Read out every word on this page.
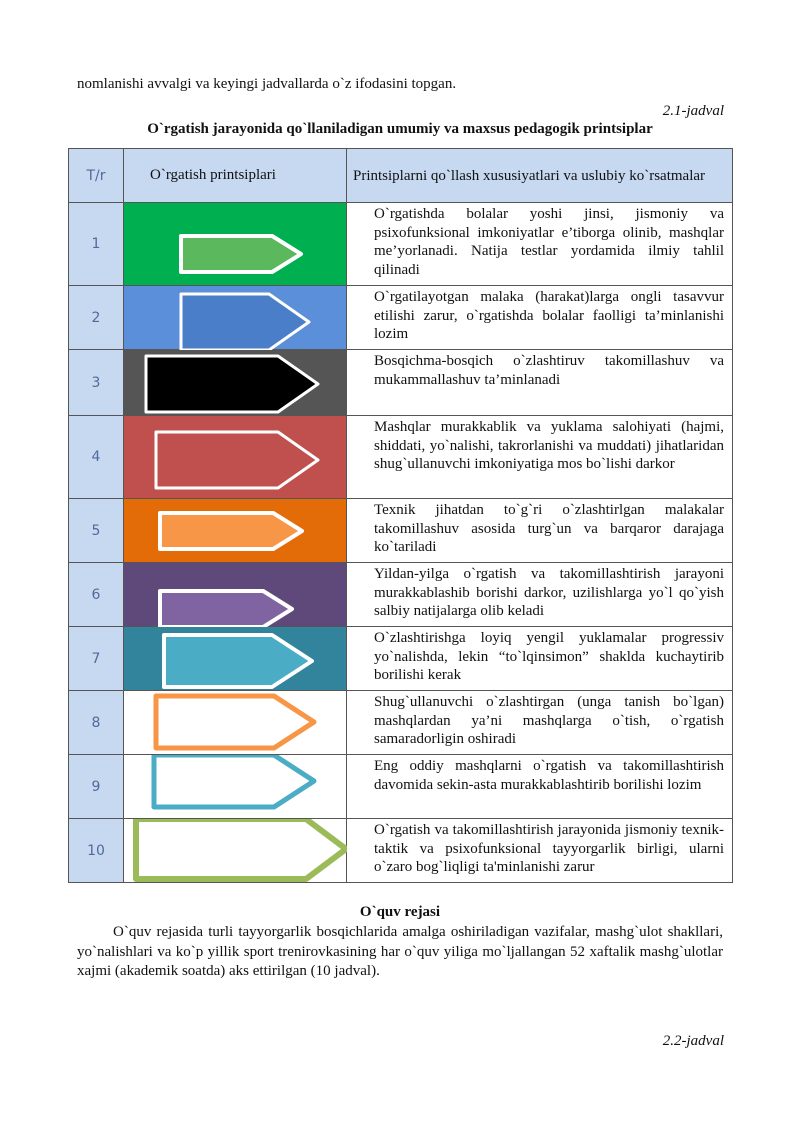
nomlanishi avvalgi va keyingi jadvallarda o`z ifodasini topgan.
2.1-jadval
O`rgatish jarayonida qo`llaniladigan umumiy va maxsus pedagogik printsiplar
T/r	O`rgatish printsiplari	Printsiplarni qo`llash xususiyatlari va uslubiy ko`rsatmalar
1		O`rgatishda bolalar yoshi jinsi, jismoniy va psixofunksional imkoniyatlar e’tiborga olinib, mashqlar me’yorlanadi. Natija testlar yordamida ilmiy tahlil qilinadi

2		O`rgatilayotgan malaka (harakat)larga ongli tasavvur etilishi zarur, o`rgatishda bolalar faolligi ta’minlanishi lozim

3		Bosqichma-bosqich o`zlashtiruv takomillashuv va mukammallashuv ta’minlanadi

4		Mashqlar murakkablik va yuklama salohiyati (hajmi, shiddati, yo`nalishi, takrorlanishi va muddati) jihatlaridan shug`ullanuvchi imkoniyatiga mos bo`lishi darkor

5		Texnik jihatdan to`g`ri o`zlashtirlgan malakalar takomillashuv asosida turg`un va barqaror darajaga ko`tariladi

6		Yildan-yilga o`rgatish va takomillashtirish jarayoni murakkablashib borishi darkor, uzilishlarga yo`l qo`yish salbiy natijalarga olib keladi

7		O`zlashtirishga loyiq yengil yuklamalar progressiv yo`nalishda, lekin “to`lqinsimon” shaklda kuchaytirib borilishi kerak

8		Shug`ullanuvchi o`zlashtirgan (unga tanish bo`lgan) mashqlardan ya’ni mashqlarga o`tish, o`rgatish samaradorligin oshiradi

9		Eng oddiy mashqlarni o`rgatish va takomillashtirish davomida sekin-asta murakkablashtirib borilishi lozim

10		O`rgatish va takomillashtirish jarayonida jismoniy texnik-taktik va psixofunksional tayyorgarlik birligi, ularni o`zaro bog`liqligi ta'minlanishi zarur
O`quv rejasi
O`quv rejasida turli tayyorgarlik bosqichlarida amalga oshiriladigan vazifalar, mashg`ulot shakllari, yo`nalishlari va ko`p yillik sport trenirovkasining har o`quv yiliga mo`ljallangan 52 xaftalik mashg`ulotlar xajmi (akademik soatda) aks ettirilgan (10 jadval).
2.2-jadval
